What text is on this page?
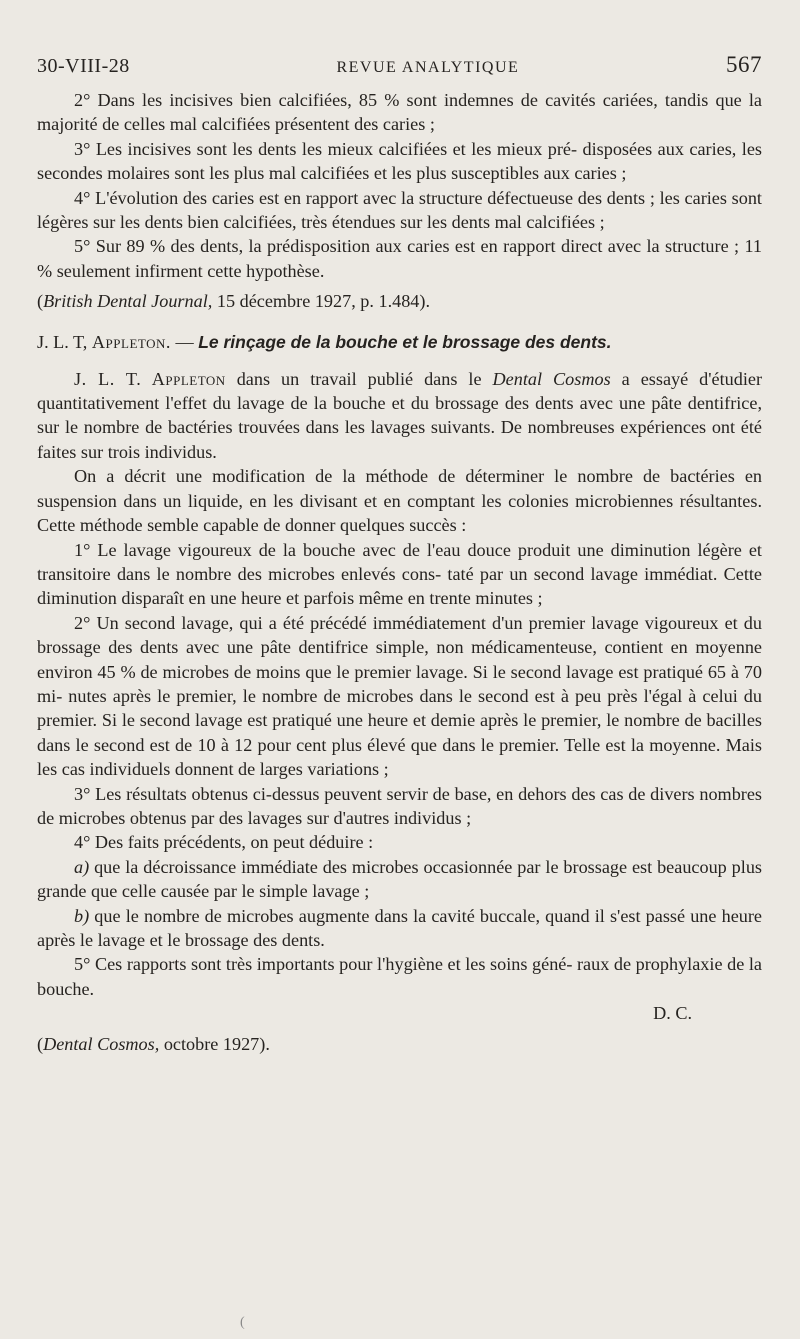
30-VIII-28	REVUE ANALYTIQUE	567

2° Dans les incisives bien calcifiées, 85 % sont indemnes de cavités cariées, tandis que la majorité de celles mal calcifiées présentent des caries ;

3° Les incisives sont les dents les mieux calcifiées et les mieux pré- disposées aux caries, les secondes molaires sont les plus mal calcifiées et les plus susceptibles aux caries ;

4° L'évolution des caries est en rapport avec la structure défectueuse des dents ; les caries sont légères sur les dents bien calcifiées, très étendues sur les dents mal calcifiées ;

5° Sur 89 % des dents, la prédisposition aux caries est en rapport direct avec la structure ; 11 % seulement infirment cette hypothèse.

(British Dental Journal, 15 décembre 1927, p. 1.484).

J. L. T, Appleton. — Le rinçage de la bouche et le brossage des dents.

J. L. T. Appleton dans un travail publié dans le Dental Cosmos a essayé d'étudier quantitativement l'effet du lavage de la bouche et du brossage des dents avec une pâte dentifrice, sur le nombre de bactéries trouvées dans les lavages suivants. De nombreuses expériences ont été faites sur trois individus.

On a décrit une modification de la méthode de déterminer le nombre de bactéries en suspension dans un liquide, en les divisant et en comptant les colonies microbiennes résultantes. Cette méthode semble capable de donner quelques succès :

1° Le lavage vigoureux de la bouche avec de l'eau douce produit une diminution légère et transitoire dans le nombre des microbes enlevés cons- taté par un second lavage immédiat. Cette diminution disparaît en une heure et parfois même en trente minutes ;

2° Un second lavage, qui a été précédé immédiatement d'un premier lavage vigoureux et du brossage des dents avec une pâte dentifrice simple, non médicamenteuse, contient en moyenne environ 45 % de microbes de moins que le premier lavage. Si le second lavage est pratiqué 65 à 70 mi- nutes après le premier, le nombre de microbes dans le second est à peu près l'égal à celui du premier. Si le second lavage est pratiqué une heure et demie après le premier, le nombre de bacilles dans le second est de 10 à 12 pour cent plus élevé que dans le premier. Telle est la moyenne. Mais les cas individuels donnent de larges variations ;

3° Les résultats obtenus ci-dessus peuvent servir de base, en dehors des cas de divers nombres de microbes obtenus par des lavages sur d'autres individus ;

4° Des faits précédents, on peut déduire :

a) que la décroissance immédiate des microbes occasionnée par le brossage est beaucoup plus grande que celle causée par le simple lavage ;

b) que le nombre de microbes augmente dans la cavité buccale, quand il s'est passé une heure après le lavage et le brossage des dents.

5° Ces rapports sont très importants pour l'hygiène et les soins géné- raux de prophylaxie de la bouche.

D. C.

(Dental Cosmos, octobre 1927).

(
